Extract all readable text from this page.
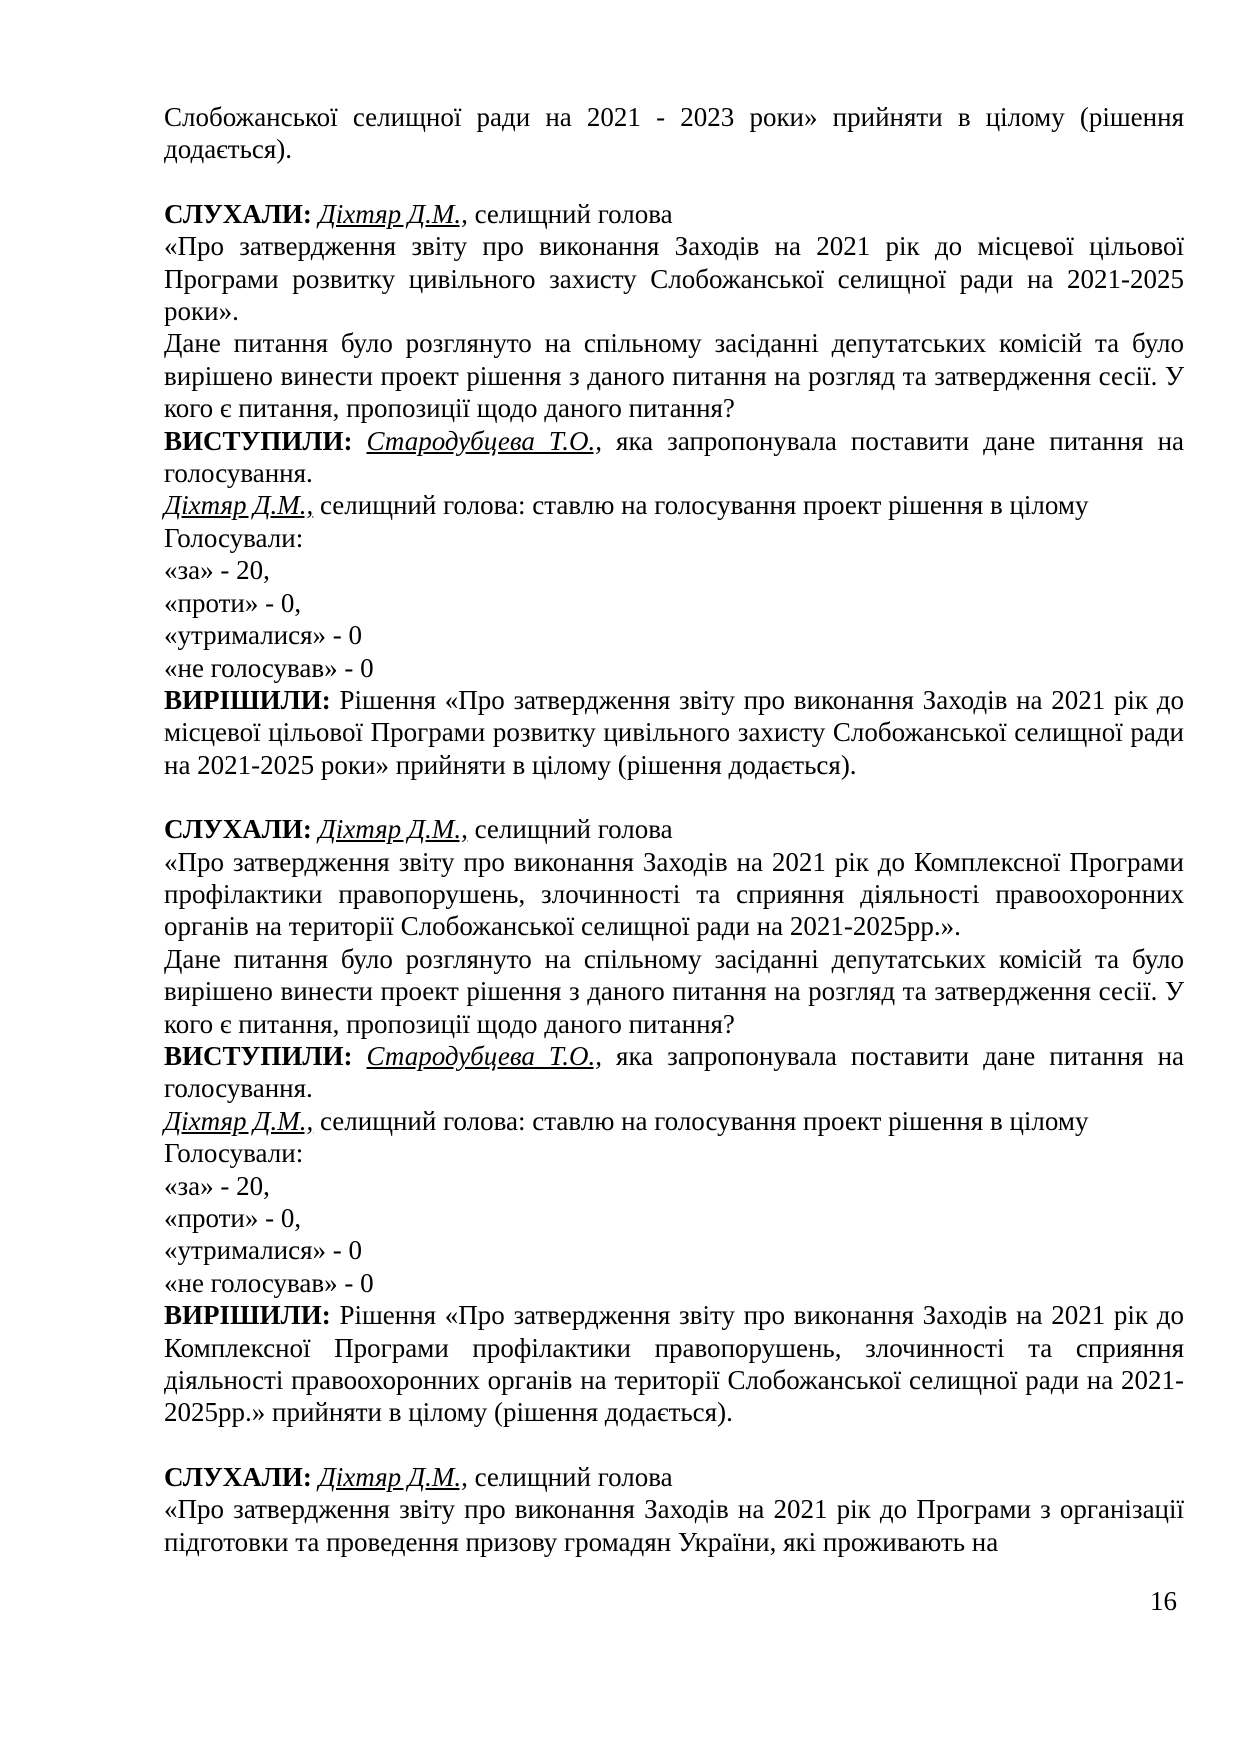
Слобожанської селищної ради на 2021 - 2023 роки» прийняти в цілому (рішення додається).

СЛУХАЛИ: Діхтяр Д.М., селищний голова

«Про затвердження звіту про виконання Заходів на 2021 рік до місцевої цільової Програми розвитку цивільного захисту Слобожанської селищної ради на 2021-2025 роки».

Дане питання було розглянуто на спільному засіданні депутатських комісій та було вирішено винести проект рішення з даного питання на розгляд та затвердження сесії. У кого є питання, пропозиції щодо даного питання?

ВИСТУПИЛИ: Стародубцева Т.О., яка запропонувала поставити дане питання на голосування.

Діхтяр Д.М., селищний голова: ставлю на голосування проект рішення в цілому

Голосували:

«за» - 20,

«проти» - 0,

«утрималися» - 0

«не голосував» - 0

ВИРІШИЛИ: Рішення «Про затвердження звіту про виконання Заходів на 2021 рік до місцевої цільової Програми розвитку цивільного захисту Слобожанської селищної ради на 2021-2025 роки» прийняти в цілому (рішення додається).

СЛУХАЛИ: Діхтяр Д.М., селищний голова

«Про затвердження звіту про виконання Заходів на 2021 рік до Комплексної Програми профілактики правопорушень, злочинності та сприяння діяльності правоохоронних органів на території Слобожанської селищної ради на 2021-2025рр.».

Дане питання було розглянуто на спільному засіданні депутатських комісій та було вирішено винести проект рішення з даного питання на розгляд та затвердження сесії. У кого є питання, пропозиції щодо даного питання?

ВИСТУПИЛИ: Стародубцева Т.О., яка запропонувала поставити дане питання на голосування.

Діхтяр Д.М., селищний голова: ставлю на голосування проект рішення в цілому

Голосували:

«за» - 20,

«проти» - 0,

«утрималися» - 0

«не голосував» - 0

ВИРІШИЛИ: Рішення «Про затвердження звіту про виконання Заходів на 2021 рік до Комплексної Програми профілактики правопорушень, злочинності та сприяння діяльності правоохоронних органів на території Слобожанської селищної ради на 2021-2025рр.» прийняти в цілому (рішення додається).

СЛУХАЛИ: Діхтяр Д.М., селищний голова

«Про затвердження звіту про виконання Заходів на 2021 рік до Програми з організації підготовки та проведення призову громадян України, які проживають на

16
